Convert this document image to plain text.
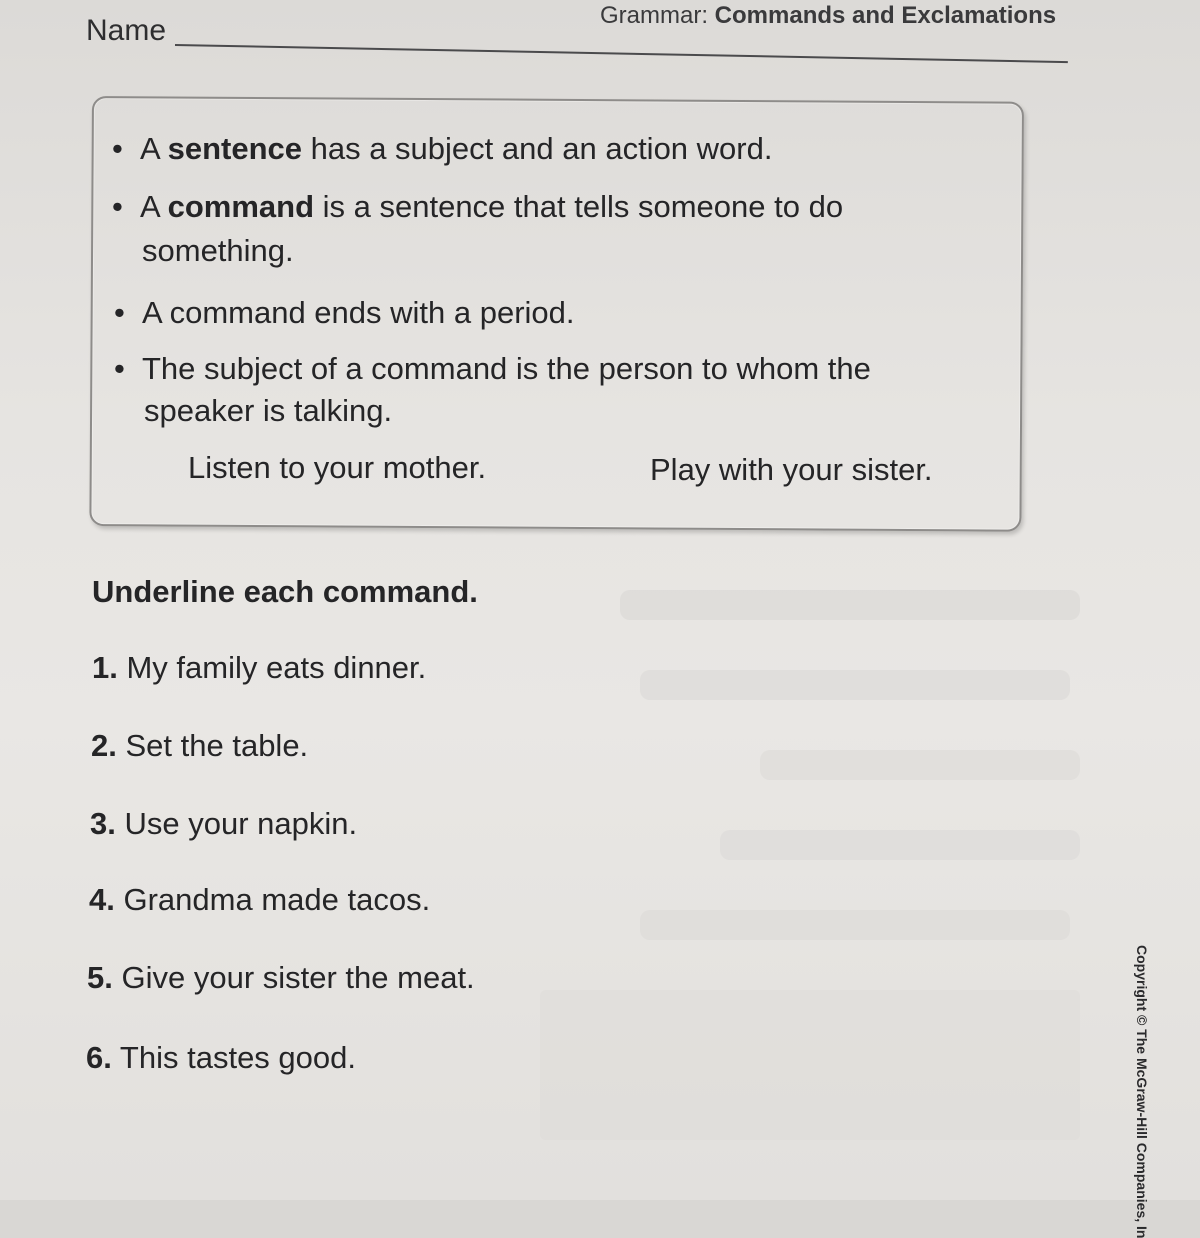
Grammar: Commands and Exclamations
Name
• A sentence has a subject and an action word.
• A command is a sentence that tells someone to do
something.
• A command ends with a period.
• The subject of a command is the person to whom the
speaker is talking.
Listen to your mother.	Play with your sister.
Underline each command.
1. My family eats dinner.
2. Set the table.
3. Use your napkin.
4. Grandma made tacos.
5. Give your sister the meat.
6. This tastes good.	Copyright © The McGraw-Hill Companies, In
